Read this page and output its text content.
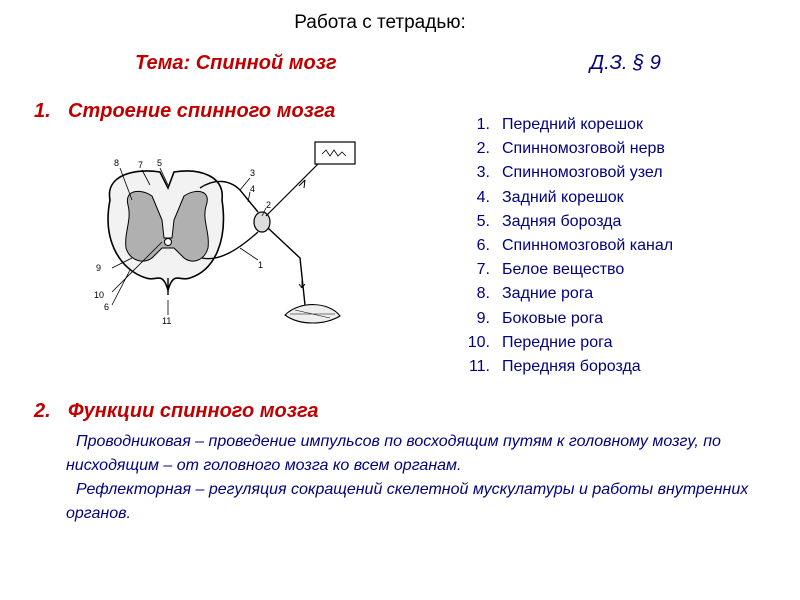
Работа с тетрадью:
Тема: Спинной мозг	Д.З. § 9
1. Строение спинного мозга
8 7 5
3
4
2
1
9
10
6
11
1. Передний корешок
2. Спинномозговой нерв
3. Спинномозговой узел
4. Задний корешок
5. Задняя борозда
6. Спинномозговой канал
7. Белое вещество
8. Задние рога
9. Боковые рога
10. Передние рога
11. Передняя борозда
2. Функции спинного мозга

Проводниковая – проведение импульсов по восходящим путям к головному мозгу, по нисходящим – от головного мозга ко всем органам.

Рефлекторная – регуляция сокращений скелетной мускулатуры и работы внутренних органов.
